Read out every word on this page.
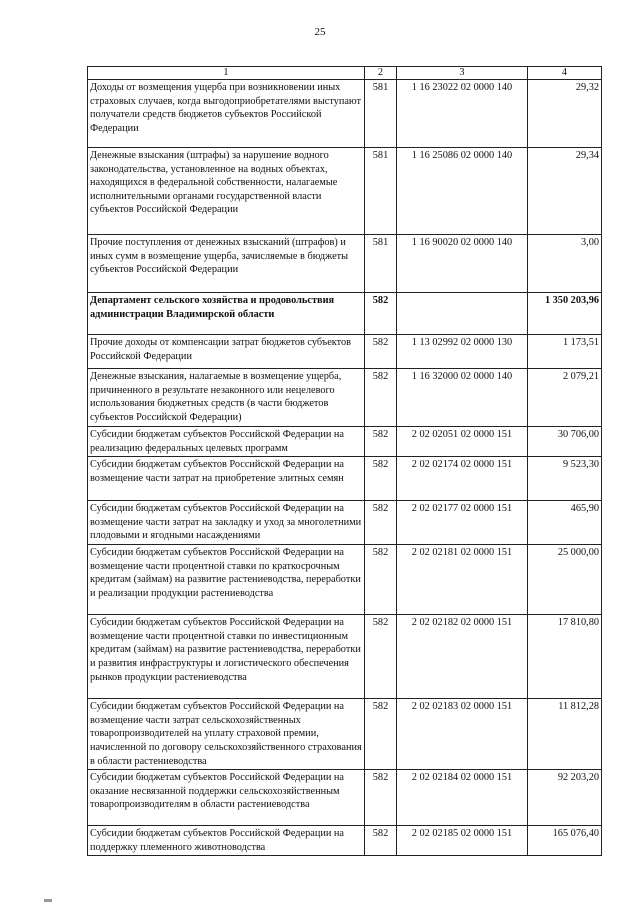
25
1	2	3	4
Доходы от возмещения ущерба при возникновении иных страховых случаев, когда выгодоприобретателями выступают получатели средств бюджетов субъектов Российской Федерации	581	1 16 23022 02 0000 140	29,32
Денежные взыскания (штрафы) за нарушение водного законодательства, установленное на водных объектах, находящихся в федеральной собственности, налагаемые исполнительными органами государственной власти субъектов Российской Федерации	581	1 16 25086 02 0000 140	29,34
Прочие поступления от денежных взысканий (штрафов) и иных сумм в возмещение ущерба, зачисляемые в бюджеты субъектов Российской Федерации	581	1 16 90020 02 0000 140	3,00
Департамент сельского хозяйства и продовольствия администрации Владимирской области	582		1 350 203,96
Прочие доходы от компенсации затрат бюджетов субъектов Российской Федерации	582	1 13 02992 02 0000 130	1 173,51
Денежные взыскания, налагаемые в возмещение ущерба, причиненного в результате незаконного или нецелевого использования бюджетных средств (в части бюджетов субъектов Российской Федерации)	582	1 16 32000 02 0000 140	2 079,21
Субсидии бюджетам субъектов Российской Федерации на реализацию федеральных целевых программ	582	2 02 02051 02 0000 151	30 706,00
Субсидии бюджетам субъектов Российской Федерации на возмещение части затрат на приобретение элитных семян	582	2 02 02174 02 0000 151	9 523,30
Субсидии бюджетам субъектов Российской Федерации на возмещение части затрат на закладку и уход за многолетними плодовыми и ягодными насаждениями	582	2 02 02177 02 0000 151	465,90
Субсидии бюджетам субъектов Российской Федерации на возмещение части процентной ставки по краткосрочным кредитам (займам) на развитие растениеводства, переработки и реализации продукции растениеводства	582	2 02 02181 02 0000 151	25 000,00
Субсидии бюджетам субъектов Российской Федерации на возмещение части процентной ставки по инвестиционным кредитам (займам) на развитие растениеводства, переработки и развития инфраструктуры и логистического обеспечения рынков продукции растениеводства	582	2 02 02182 02 0000 151	17 810,80
Субсидии бюджетам субъектов Российской Федерации на возмещение части затрат сельскохозяйственных товаропроизводителей на уплату страховой премии, начисленной по договору сельскохозяйственного страхования в области растениеводства	582	2 02 02183 02 0000 151	11 812,28
Субсидии бюджетам субъектов Российской Федерации на оказание несвязанной поддержки сельскохозяйственным товаропроизводителям в области растениеводства	582	2 02 02184 02 0000 151	92 203,20
Субсидии бюджетам субъектов Российской Федерации на поддержку племенного животноводства	582	2 02 02185 02 0000 151	165 076,40
